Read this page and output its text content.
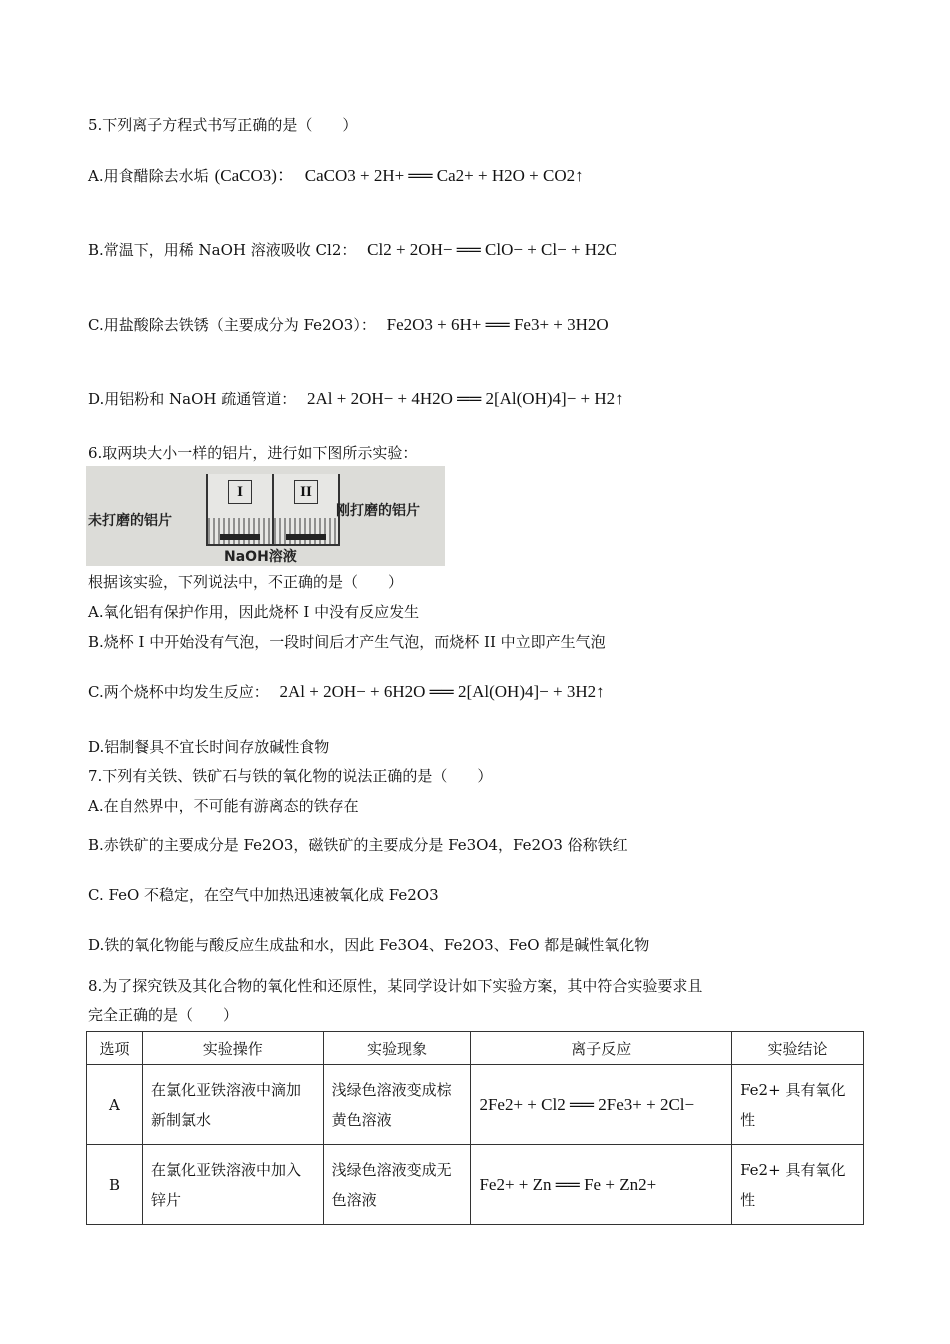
5.下列离子方程式书写正确的是（　　）
A.用食醋除去水垢 (CaCO3)： CaCO3 + 2H+ ══ Ca2+ + H2O + CO2↑
B.常温下，用稀 NaOH 溶液吸收 Cl2： Cl2 + 2OH− ══ ClO− + Cl− + H2C
C.用盐酸除去铁锈（主要成分为 Fe2O3）： Fe2O3 + 6H+ ══ Fe3+ + 3H2O
D.用铝粉和 NaOH 疏通管道： 2Al + 2OH− + 4H2O ══ 2[Al(OH)4]− + H2↑
6.取两块大小一样的铝片，进行如下图所示实验：
I	II
未打磨的铝片
刚打磨的铝片
NaOH溶液
根据该实验，下列说法中，不正确的是（　　）
A.氧化铝有保护作用，因此烧杯 I 中没有反应发生
B.烧杯 I 中开始没有气泡，一段时间后才产生气泡，而烧杯 II 中立即产生气泡
C.两个烧杯中均发生反应： 2Al + 2OH− + 6H2O ══ 2[Al(OH)4]− + 3H2↑
D.铝制餐具不宜长时间存放碱性食物
7.下列有关铁、铁矿石与铁的氧化物的说法正确的是（　　）
A.在自然界中，不可能有游离态的铁存在
B.赤铁矿的主要成分是 Fe2O3，磁铁矿的主要成分是 Fe3O4，Fe2O3 俗称铁红
C. FeO 不稳定，在空气中加热迅速被氧化成 Fe2O3
D.铁的氧化物能与酸反应生成盐和水，因此 Fe3O4、Fe2O3、FeO 都是碱性氧化物
8.为了探究铁及其化合物的氧化性和还原性，某同学设计如下实验方案，其中符合实验要求且
完全正确的是（　　）
选项	实验操作	实验现象	离子反应	实验结论
A	在氯化亚铁溶液中滴加新制氯水	浅绿色溶液变成棕黄色溶液	2Fe2+ + Cl2 ══ 2Fe3+ + 2Cl−	Fe2+ 具有氧化性
B	在氯化亚铁溶液中加入锌片	浅绿色溶液变成无色溶液	Fe2+ + Zn ══ Fe + Zn2+	Fe2+ 具有氧化性
